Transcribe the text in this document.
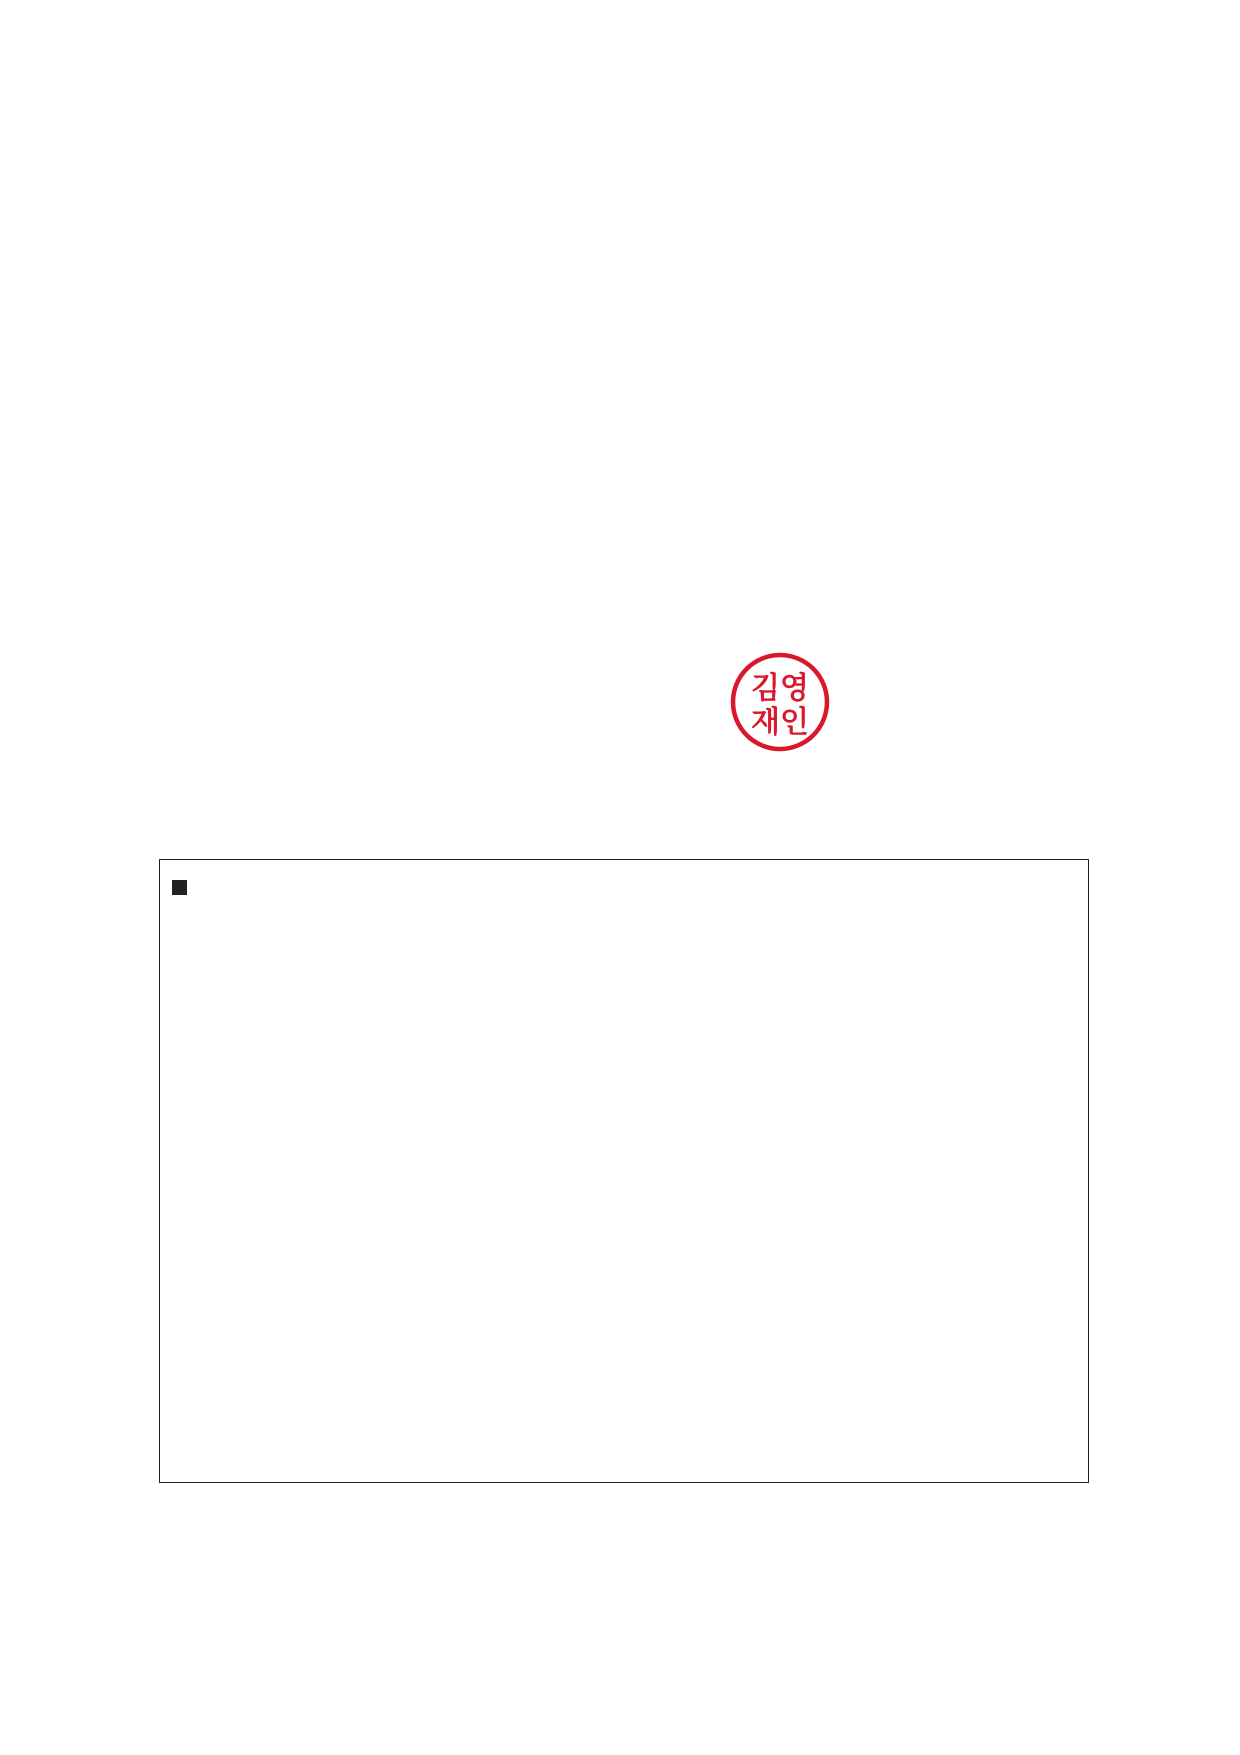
김영
재인
